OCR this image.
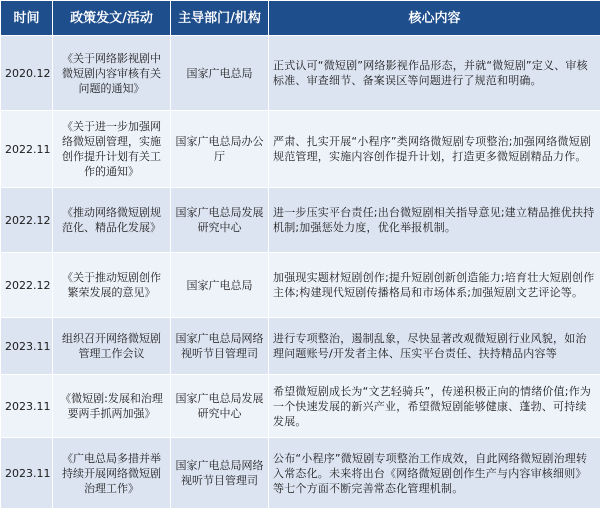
时间	政策发文/活动	主导部门/机构	核心内容
2020.12	《关于网络影视剧中微短剧内容审核有关问题的通知》	国家广电总局	正式认可“微短剧”网络影视作品形态，并就“微短剧”定义、审核标准、审查细节、备案误区等问题进行了规范和明确。
2022.11	《关于进一步加强网络微短剧管理，实施创作提升计划有关工作的通知》	国家广电总局办公厅	严肃、扎实开展“小程序”类网络微短剧专项整治;加强网络微短剧规范管理，实施内容创作提升计划，打造更多微短剧精品力作。
2022.12	《推动网络微短剧规范化、精品化发展》	国家广电总局发展研究中心	进一步压实平台责任;出台微短剧相关指导意见;建立精品推优扶持机制;加强惩处力度，优化举报机制。
2022.12	《关于推动短剧创作繁荣发展的意见》	国家广电总局	加强现实题材短剧创作;提升短剧创新创造能力;培育壮大短剧创作主体;构建现代短剧传播格局和市场体系;加强短剧文艺评论等。
2023.11	组织召开网络微短剧管理工作会议	国家广电总局网络视听节目管理司	进行专项整治，遏制乱象，尽快显著改观微短剧行业风貌，如治理问题账号/开发者主体、压实平台责任、扶持精品内容等
2023.11	《微短剧:发展和治理要两手抓两加强》	国家广电总局发展研究中心	希望微短剧成长为“文艺轻骑兵”，传递积极正向的情绪价值;作为一个快速发展的新兴产业，希望微短剧能够健康、蓬勃、可持续发展。
2023.11	《广电总局多措并举持续开展网络微短剧治理工作》	国家广电总局网络视听节目管理司	公布“小程序”微短剧专项整治工作成效，自此网络微短剧治理转入常态化。未来将出台《网络微短剧创作生产与内容审核细则》等七个方面不断完善常态化管理机制。
